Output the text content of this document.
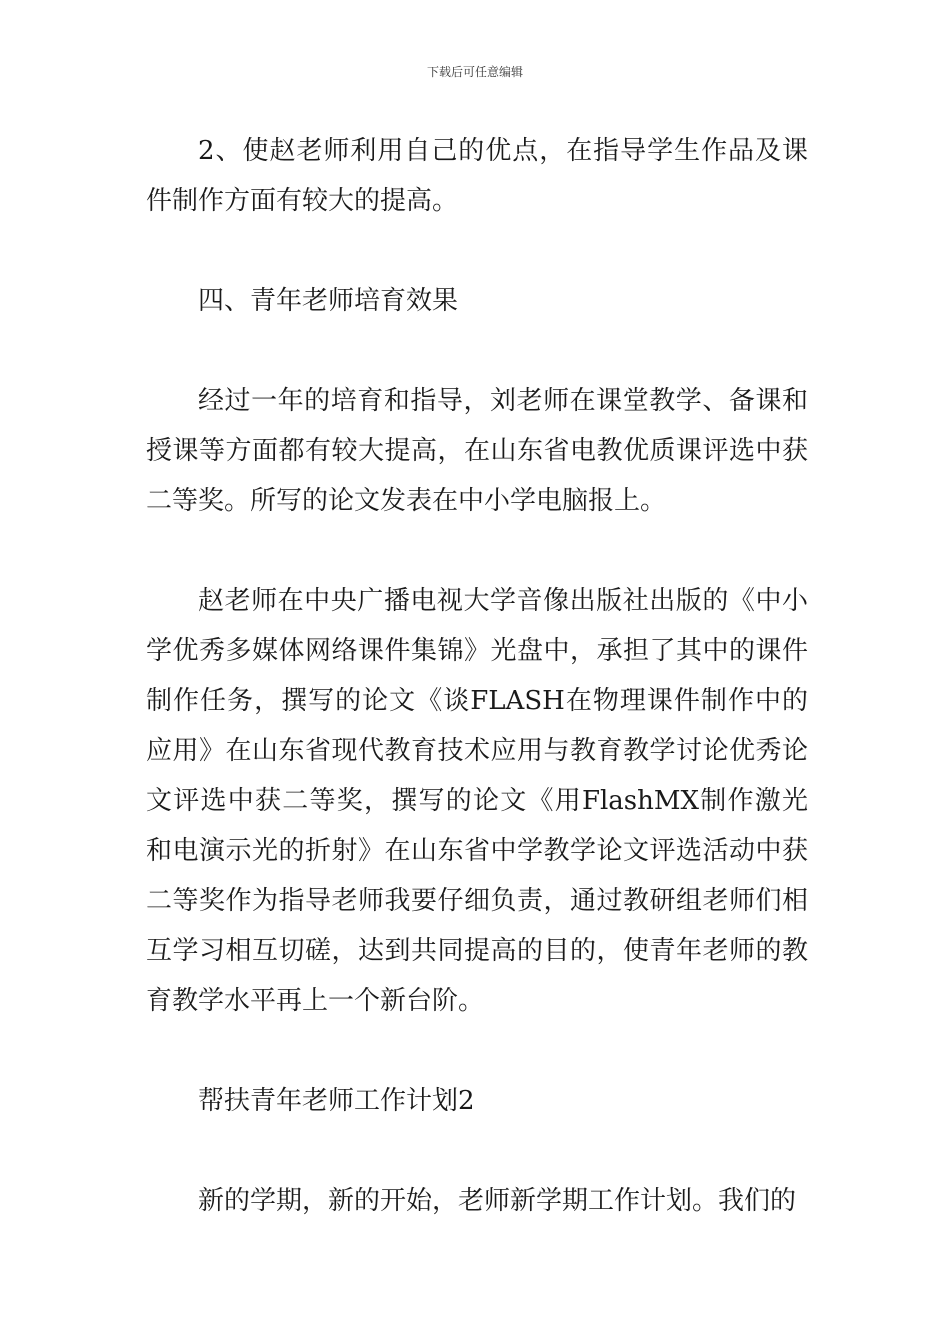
下载后可任意编辑

2、使赵老师利用自己的优点，在指导学生作品及课件制作方面有较大的提高。

四、青年老师培育效果

经过一年的培育和指导，刘老师在课堂教学、备课和授课等方面都有较大提高，在山东省电教优质课评选中获二等奖。所写的论文发表在中小学电脑报上。

赵老师在中央广播电视大学音像出版社出版的《中小学优秀多媒体网络课件集锦》光盘中，承担了其中的课件制作任务，撰写的论文《谈FLASH在物理课件制作中的应用》在山东省现代教育技术应用与教育教学讨论优秀论文评选中获二等奖，撰写的论文《用FlashMX制作激光和电演示光的折射》在山东省中学教学论文评选活动中获二等奖作为指导老师我要仔细负责，通过教研组老师们相互学习相互切磋，达到共同提高的目的，使青年老师的教育教学水平再上一个新台阶。

帮扶青年老师工作计划2

新的学期，新的开始，老师新学期工作计划。我们的
